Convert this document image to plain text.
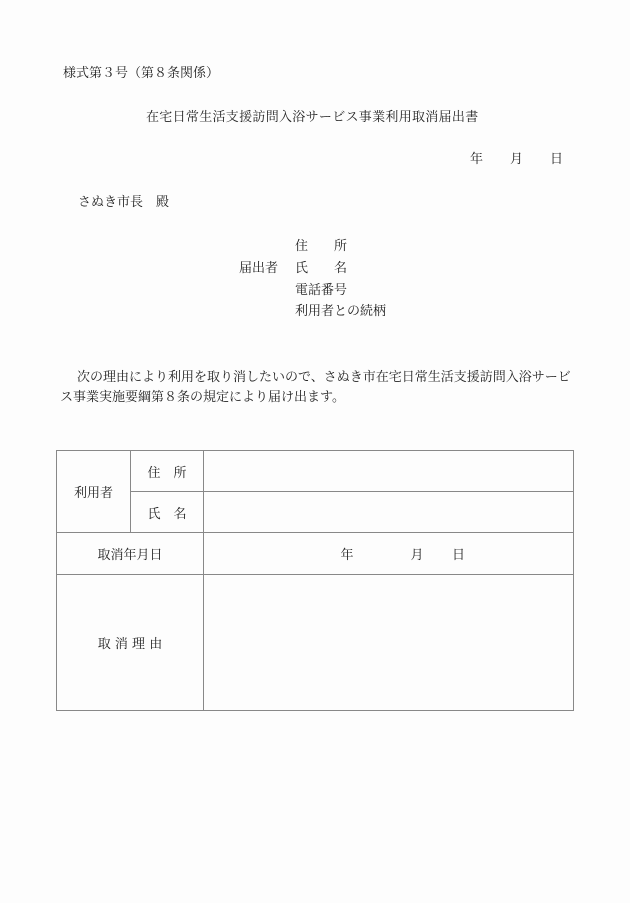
様式第３号（第８条関係）
在宅日常生活支援訪問入浴サービス事業利用取消届出書
年 月 日
さぬき市長　殿
届出者
住　　所
氏　　名
電話番号
利用者との続柄
次の理由により利用を取り消したいので、さぬき市在宅日常生活支援訪問入浴サービス事業実施要綱第８条の規定により届け出ます。
利用者	住　所	
	氏　名	
取消年月日		年 月 日
取 消 理 由		
